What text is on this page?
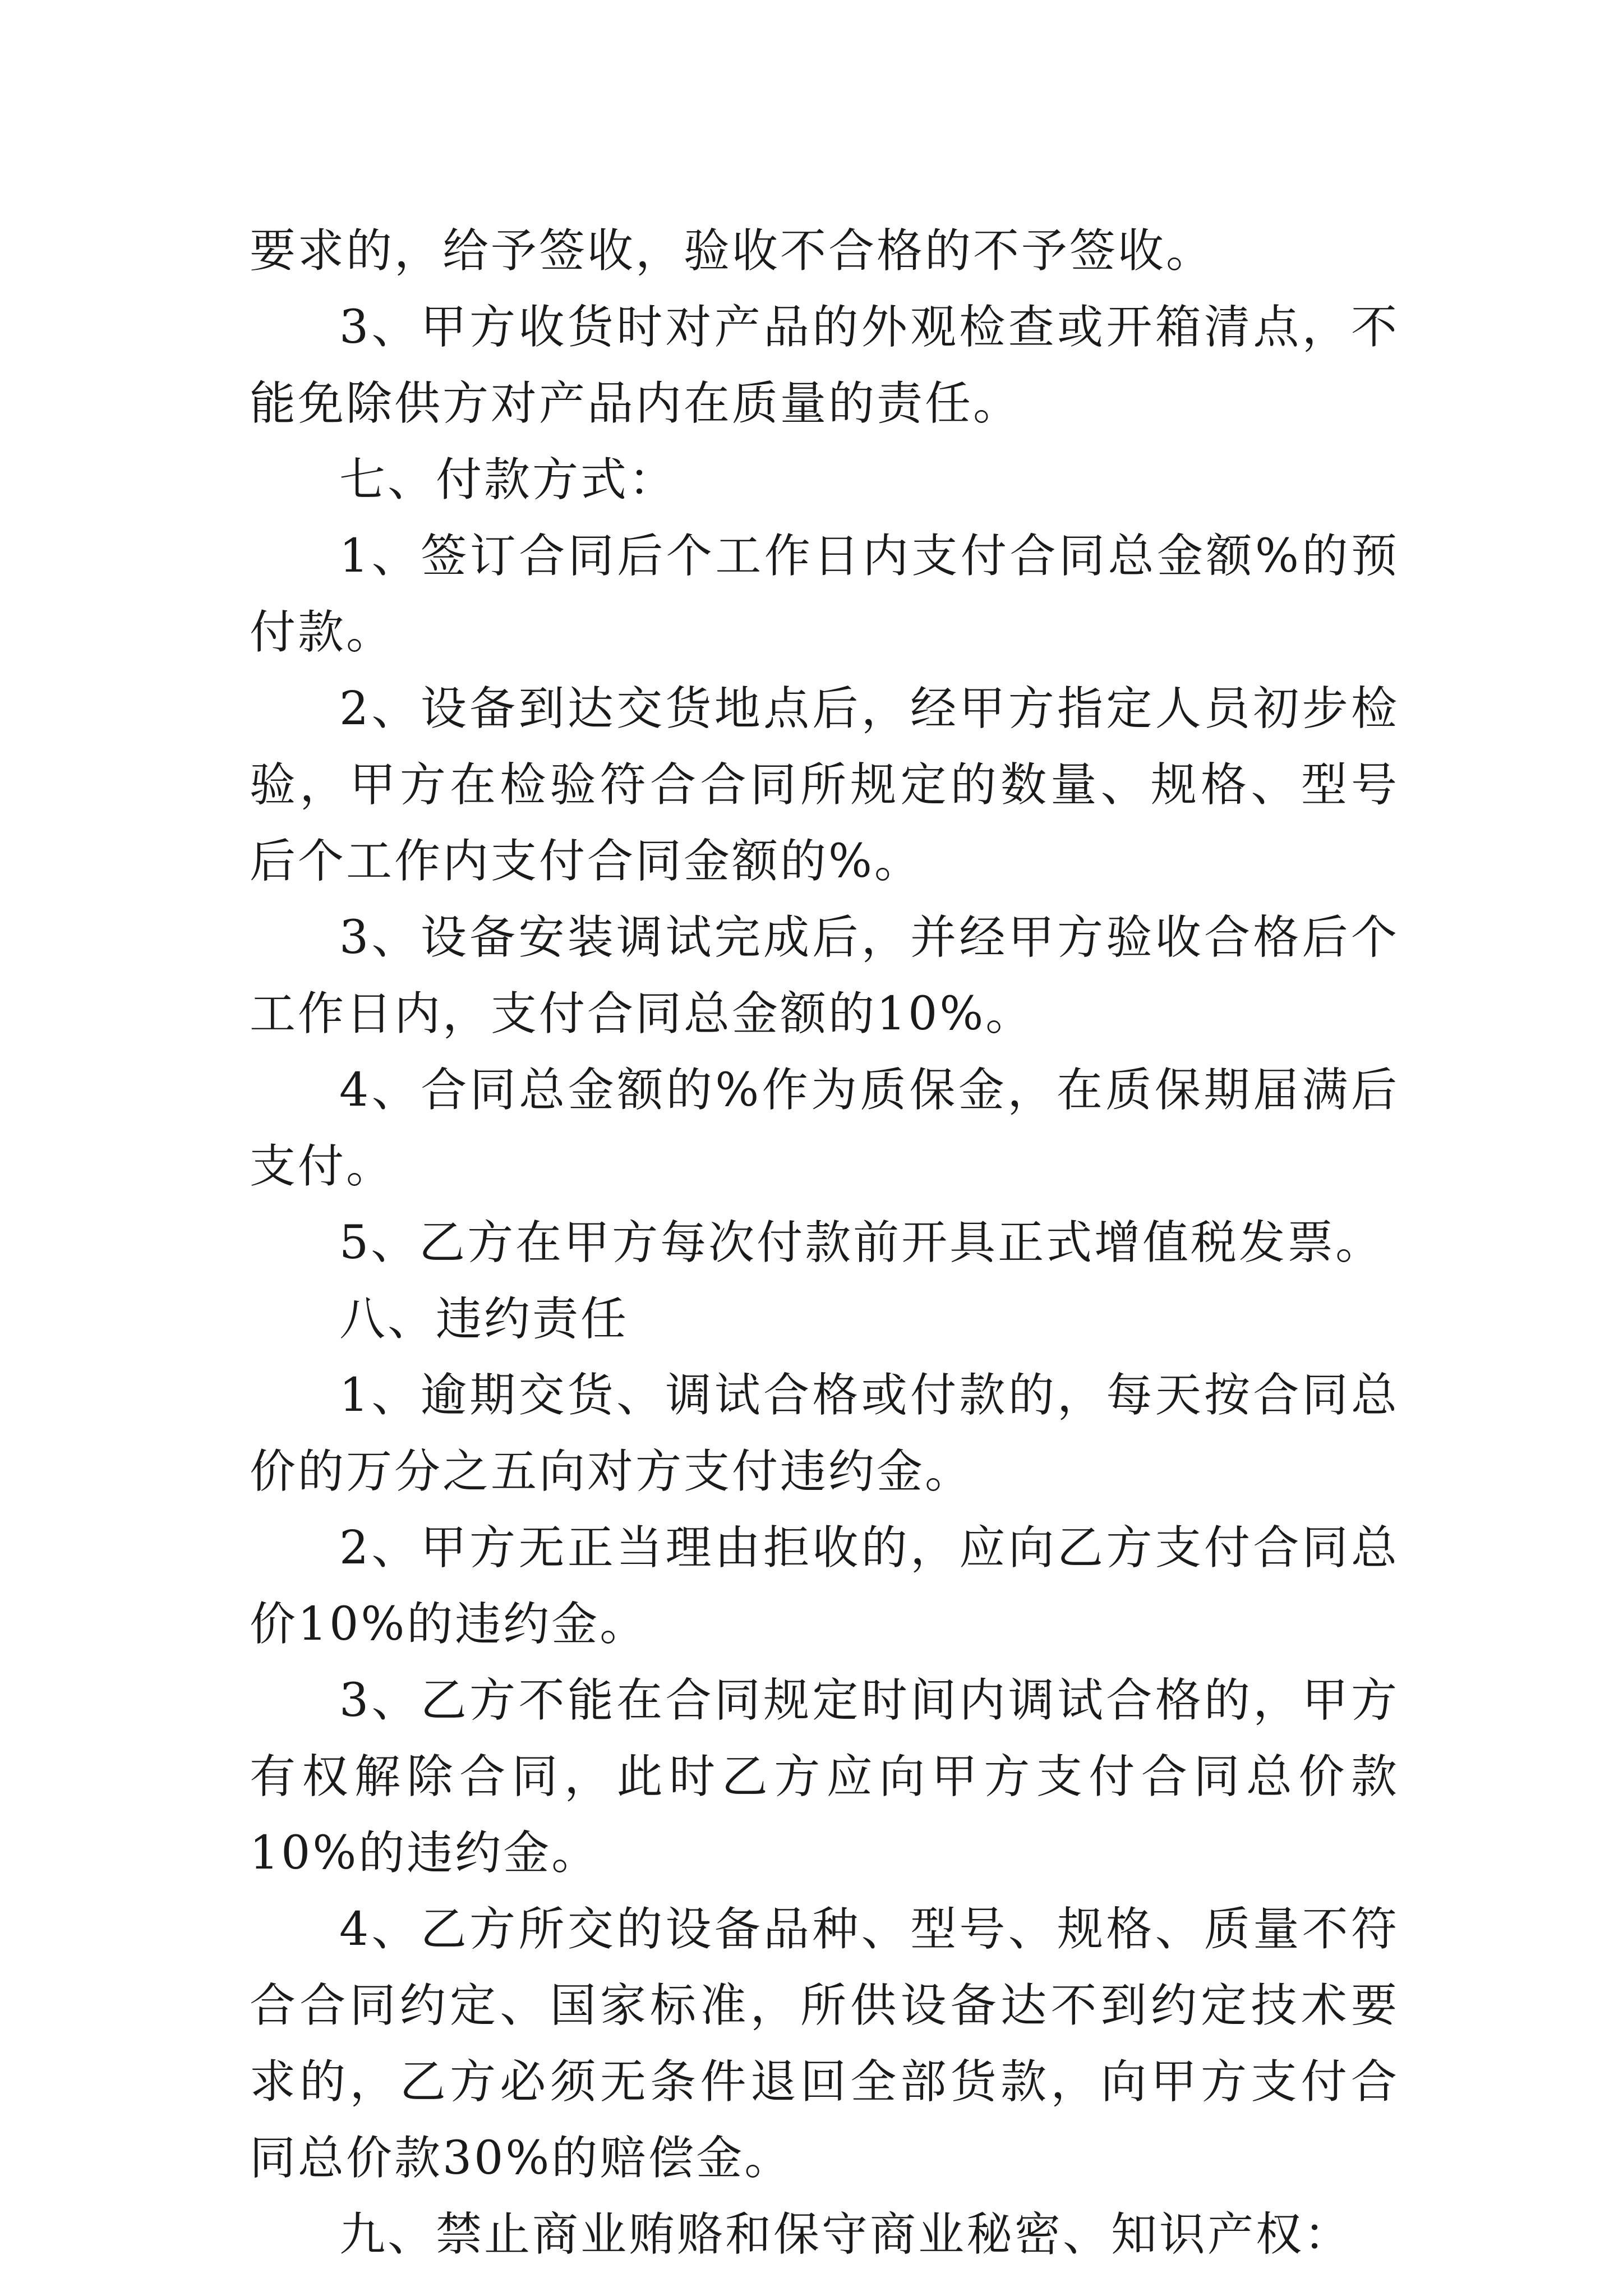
要求的，给予签收，验收不合格的不予签收。

3、甲方收货时对产品的外观检查或开箱清点，不能免除供方对产品内在质量的责任。

七、付款方式：

1、签订合同后个工作日内支付合同总金额%的预付款。

2、设备到达交货地点后，经甲方指定人员初步检验，甲方在检验符合合同所规定的数量、规格、型号后个工作内支付合同金额的%。

3、设备安装调试完成后，并经甲方验收合格后个工作日内，支付合同总金额的10%。

4、合同总金额的%作为质保金，在质保期届满后支付。

5、乙方在甲方每次付款前开具正式增值税发票。

八、违约责任

1、逾期交货、调试合格或付款的，每天按合同总价的万分之五向对方支付违约金。

2、甲方无正当理由拒收的，应向乙方支付合同总价10%的违约金。

3、乙方不能在合同规定时间内调试合格的，甲方有权解除合同，此时乙方应向甲方支付合同总价款10%的违约金。

4、乙方所交的设备品种、型号、规格、质量不符合合同约定、国家标准，所供设备达不到约定技术要求的，乙方必须无条件退回全部货款，向甲方支付合同总价款30%的赔偿金。

九、禁止商业贿赂和保守商业秘密、知识产权：
